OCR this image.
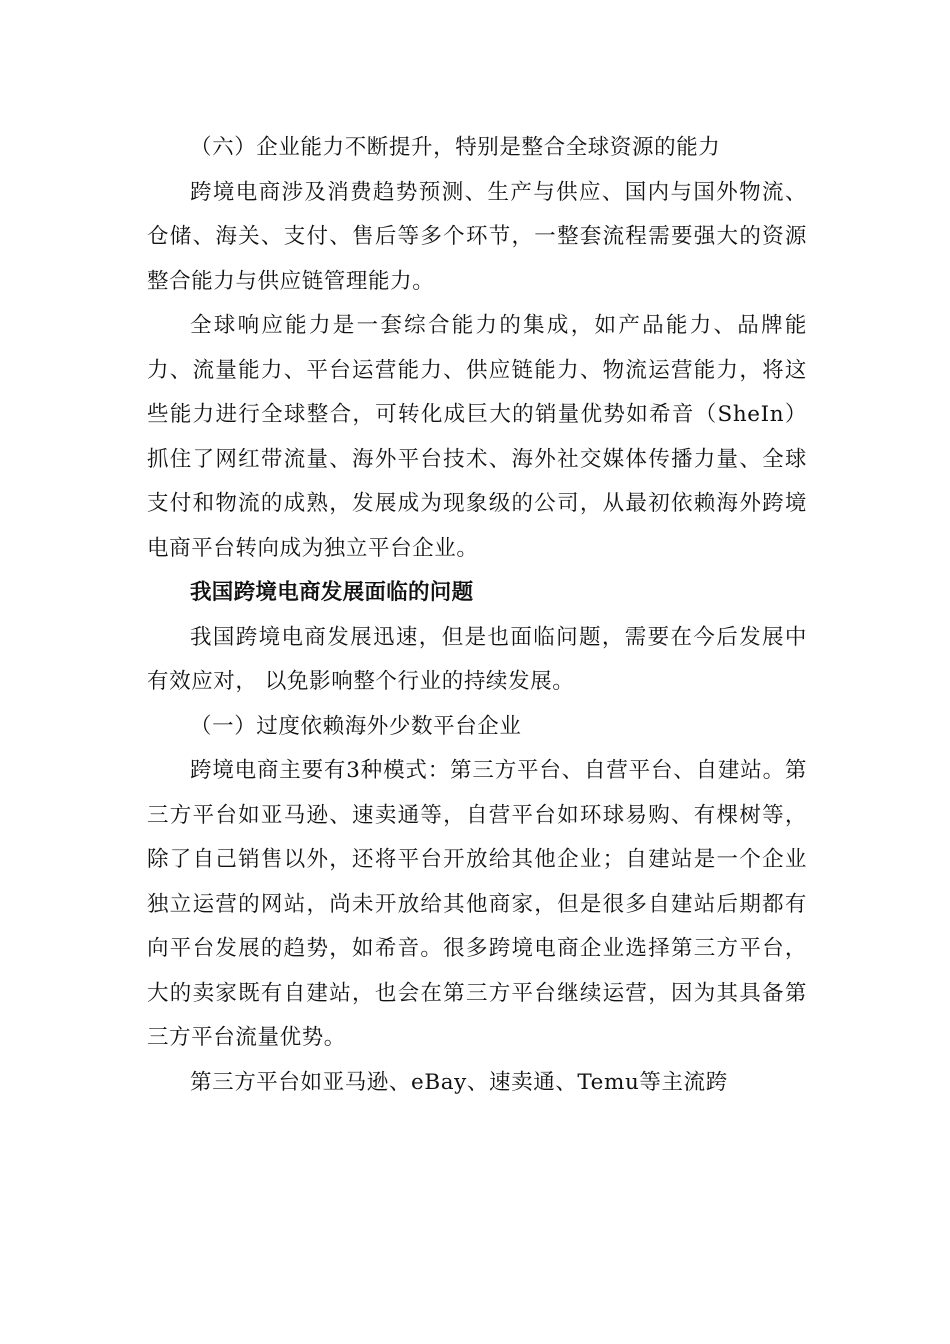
（六）企业能力不断提升，特别是整合全球资源的能力

跨境电商涉及消费趋势预测、生产与供应、国内与国外物流、仓储、海关、支付、售后等多个环节，一整套流程需要强大的资源整合能力与供应链管理能力。

全球响应能力是一套综合能力的集成，如产品能力、品牌能力、流量能力、平台运营能力、供应链能力、物流运营能力，将这些能力进行全球整合，可转化成巨大的销量优势如希音（SheIn）抓住了网红带流量、海外平台技术、海外社交媒体传播力量、全球支付和物流的成熟，发展成为现象级的公司，从最初依赖海外跨境电商平台转向成为独立平台企业。

我国跨境电商发展面临的问题

我国跨境电商发展迅速，但是也面临问题，需要在今后发展中有效应对， 以免影响整个行业的持续发展。

（一）过度依赖海外少数平台企业

跨境电商主要有3种模式：第三方平台、自营平台、自建站。第三方平台如亚马逊、速卖通等，自营平台如环球易购、有棵树等，除了自己销售以外，还将平台开放给其他企业；自建站是一个企业独立运营的网站，尚未开放给其他商家，但是很多自建站后期都有向平台发展的趋势，如希音。很多跨境电商企业选择第三方平台，大的卖家既有自建站，也会在第三方平台继续运营，因为其具备第三方平台流量优势。

第三方平台如亚马逊、eBay、速卖通、Temu等主流跨
